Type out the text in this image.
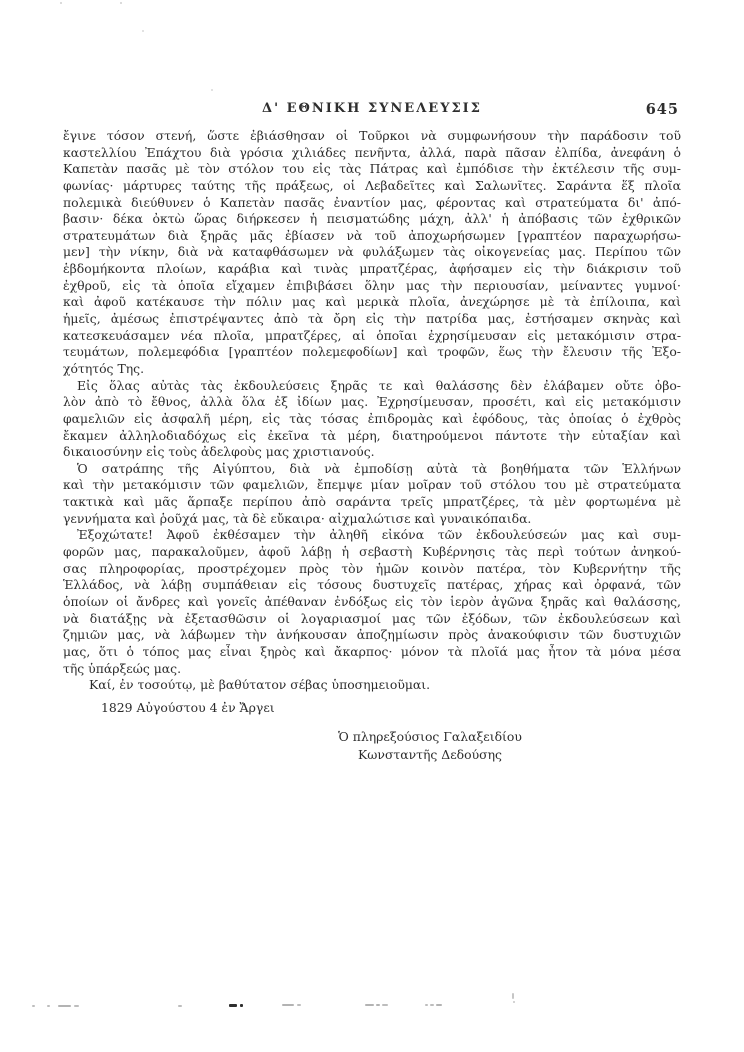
Δ' ΕΘΝΙΚΗ ΣΥΝΕΛΕΥΣΙΣ	645
ἔγινε τόσον στενή, ὥστε ἐβιάσθησαν οἱ Τοῦρκοι νὰ συμφωνήσουν τὴν παράδοσιν τοῦ
καστελλίου Ἐπάχτου διὰ γρόσια χιλιάδες πενῆντα, ἀλλά, παρὰ πᾶσαν ἐλπίδα, ἀνεφάνη ὁ
Καπετὰν πασᾶς μὲ τὸν στόλον του εἰς τὰς Πάτρας καὶ ἐμπόδισε τὴν ἐκτέλεσιν τῆς συμ-
φωνίας· μάρτυρες ταύτης τῆς πράξεως, οἱ Λεβαδεῖτες καὶ Σαλωνῖτες. Σαράντα ἕξ πλοῖα
πολεμικὰ διεύθυνεν ὁ Καπετὰν πασᾶς ἐναντίον μας, φέροντας καὶ στρατεύματα δι' ἀπό-
βασιν· δέκα ὀκτὼ ὥρας διήρκεσεν ἡ πεισματώδης μάχη, ἀλλ' ἡ ἀπόβασις τῶν ἐχθρικῶν
στρατευμάτων διὰ ξηρᾶς μᾶς ἐβίασεν νὰ τοῦ ἀποχωρήσωμεν [γραπτέον παραχωρήσω-
μεν] τὴν νίκην, διὰ νὰ καταφθάσωμεν νὰ φυλάξωμεν τὰς οἰκογενείας μας. Περίπου τῶν
ἑβδομήκοντα πλοίων, καράβια καὶ τινὰς μπρατζέρας, ἀφήσαμεν εἰς τὴν διάκρισιν τοῦ
ἐχθροῦ, εἰς τὰ ὁποῖα εἴχαμεν ἐπιβιβάσει ὅλην μας τὴν περιουσίαν, μείναντες γυμνοί·
καὶ ἀφοῦ κατέκαυσε τὴν πόλιν μας καὶ μερικὰ πλοῖα, ἀνεχώρησε μὲ τὰ ἐπίλοιπα, καὶ
ἡμεῖς, ἀμέσως ἐπιστρέψαντες ἀπὸ τὰ ὄρη εἰς τὴν πατρίδα μας, ἐστήσαμεν σκηνὰς καὶ
κατεσκευάσαμεν νέα πλοῖα, μπρατζέρες, αἱ ὁποῖαι ἐχρησίμευσαν εἰς μετακόμισιν στρα-
τευμάτων, πολεμεφόδια [γραπτέον πολεμεφοδίων] καὶ τροφῶν, ἕως τὴν ἔλευσιν τῆς Ἐξο-
χότητός Της.
Εἰς ὅλας αὐτὰς τὰς ἐκδουλεύσεις ξηρᾶς τε καὶ θαλάσσης δὲν ἐλάβαμεν οὔτε ὀβο-
λὸν ἀπὸ τὸ ἔθνος, ἀλλὰ ὅλα ἐξ ἰδίων μας. Ἐχρησίμευσαν, προσέτι, καὶ εἰς μετακόμισιν
φαμελιῶν εἰς ἀσφαλῆ μέρη, εἰς τὰς τόσας ἐπιδρομὰς καὶ ἐφόδους, τὰς ὁποίας ὁ ἐχθρὸς
ἔκαμεν ἀλληλοδιαδόχως εἰς ἐκεῖνα τὰ μέρη, διατηρούμενοι πάντοτε τὴν εὐταξίαν καὶ
δικαιοσύνην εἰς τοὺς ἀδελφοὺς μας χριστιανούς.
Ὁ σατράπης τῆς Αἰγύπτου, διὰ νὰ ἐμποδίσῃ αὐτὰ τὰ βοηθήματα τῶν Ἑλλήνων
καὶ τὴν μετακόμισιν τῶν φαμελιῶν, ἔπεμψε μίαν μοῖραν τοῦ στόλου του μὲ στρατεύματα
τακτικὰ καὶ μᾶς ἅρπαξε περίπου ἀπὸ σαράντα τρεῖς μπρατζέρες, τὰ μὲν φορτωμένα μὲ
γεννήματα καὶ ῥοῦχά μας, τὰ δὲ εὔκαιρα· αἰχμαλώτισε καὶ γυναικόπαιδα.
Ἐξοχώτατε! Ἀφοῦ ἐκθέσαμεν τὴν ἀληθῆ εἰκόνα τῶν ἐκδουλεύσεών μας καὶ συμ-
φορῶν μας, παρακαλοῦμεν, ἀφοῦ λάβῃ ἡ σεβαστὴ Κυβέρνησις τὰς περὶ τούτων ἀνηκού-
σας πληροφορίας, προστρέχομεν πρὸς τὸν ἡμῶν κοινὸν πατέρα, τὸν Κυβερνήτην τῆς
Ἑλλάδος, νὰ λάβῃ συμπάθειαν εἰς τόσους δυστυχεῖς πατέρας, χήρας καὶ ὀρφανά, τῶν
ὁποίων οἱ ἄνδρες καὶ γονεῖς ἀπέθαναν ἐνδόξως εἰς τὸν ἱερὸν ἀγῶνα ξηρᾶς καὶ θαλάσσης,
νὰ διατάξῃς νὰ ἐξετασθῶσιν οἱ λογαριασμοί μας τῶν ἐξόδων, τῶν ἐκδουλεύσεων καὶ
ζημιῶν μας, νὰ λάβωμεν τὴν ἀνήκουσαν ἀποζημίωσιν πρὸς ἀνακούφισιν τῶν δυστυχιῶν
μας, ὅτι ὁ τόπος μας εἶναι ξηρὸς καὶ ἄκαρπος· μόνον τὰ πλοῖά μας ἦτον τὰ μόνα μέσα
τῆς ὑπάρξεώς μας.
Καί, ἐν τοσούτῳ, μὲ βαθύτατον σέβας ὑποσημειοῦμαι.
1829 Αὐγούστου 4 ἐν Ἄργει
Ὁ πληρεξούσιος Γαλαξειδίου
Κωνσταντῆς Δεδούσης
